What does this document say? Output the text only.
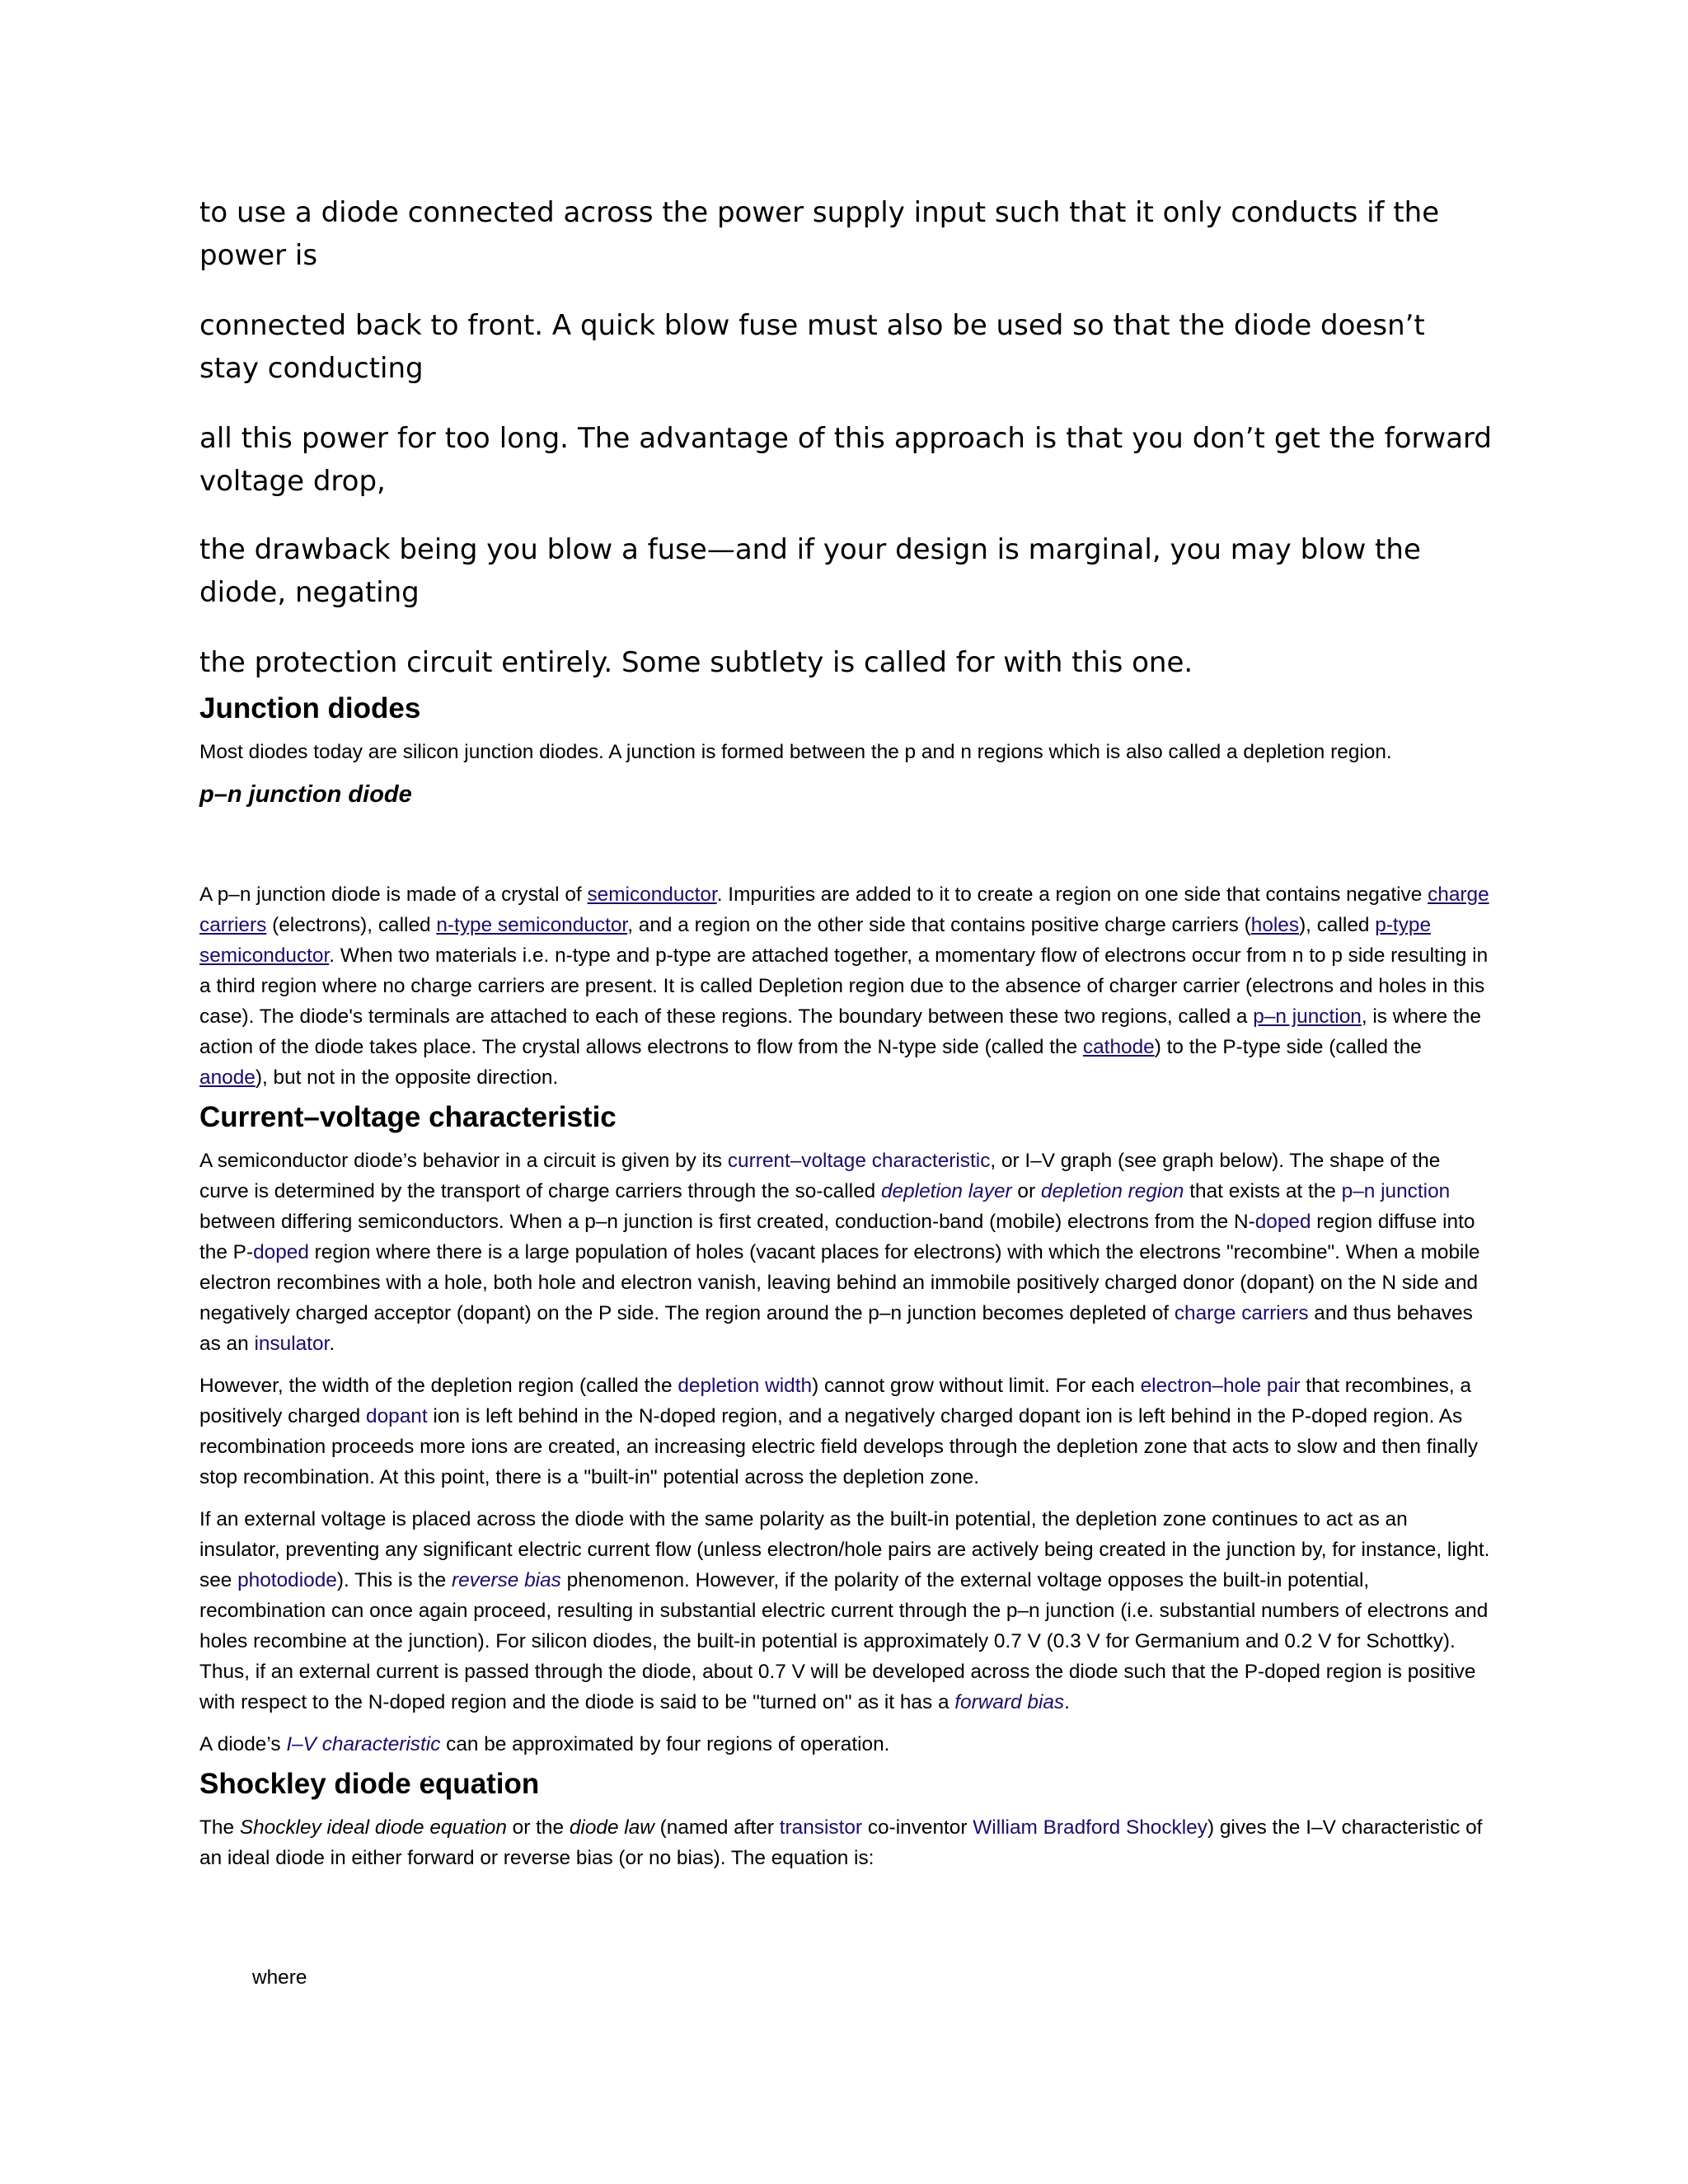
to use a diode connected across the power supply input such that it only conducts if the power is

connected back to front. A quick blow fuse must also be used so that the diode doesn’t stay conducting

all this power for too long. The advantage of this approach is that you don’t get the forward voltage drop,

the drawback being you blow a fuse—and if your design is marginal, you may blow the diode, negating

the protection circuit entirely. Some subtlety is called for with this one.

Junction diodes

Most diodes today are silicon junction diodes. A junction is formed between the p and n regions which is also called a depletion region.

p–n junction diode

A p–n junction diode is made of a crystal of semiconductor. Impurities are added to it to create a region on one side that contains negative charge carriers (electrons), called n-type semiconductor, and a region on the other side that contains positive charge carriers (holes), called p-type semiconductor. When two materials i.e. n-type and p-type are attached together, a momentary flow of electrons occur from n to p side resulting in a third region where no charge carriers are present. It is called Depletion region due to the absence of charger carrier (electrons and holes in this case). The diode's terminals are attached to each of these regions. The boundary between these two regions, called a p–n junction, is where the action of the diode takes place. The crystal allows electrons to flow from the N-type side (called the cathode) to the P-type side (called the anode), but not in the opposite direction.

Current–voltage characteristic

A semiconductor diode’s behavior in a circuit is given by its current–voltage characteristic, or I–V graph (see graph below). The shape of the curve is determined by the transport of charge carriers through the so-called depletion layer or depletion region that exists at the p–n junction between differing semiconductors. When a p–n junction is first created, conduction-band (mobile) electrons from the N-doped region diffuse into the P-doped region where there is a large population of holes (vacant places for electrons) with which the electrons "recombine". When a mobile electron recombines with a hole, both hole and electron vanish, leaving behind an immobile positively charged donor (dopant) on the N side and negatively charged acceptor (dopant) on the P side. The region around the p–n junction becomes depleted of charge carriers and thus behaves as an insulator.

However, the width of the depletion region (called the depletion width) cannot grow without limit. For each electron–hole pair that recombines, a positively charged dopant ion is left behind in the N-doped region, and a negatively charged dopant ion is left behind in the P-doped region. As recombination proceeds more ions are created, an increasing electric field develops through the depletion zone that acts to slow and then finally stop recombination. At this point, there is a "built-in" potential across the depletion zone.

If an external voltage is placed across the diode with the same polarity as the built-in potential, the depletion zone continues to act as an insulator, preventing any significant electric current flow (unless electron/hole pairs are actively being created in the junction by, for instance, light. see photodiode). This is the reverse bias phenomenon. However, if the polarity of the external voltage opposes the built-in potential, recombination can once again proceed, resulting in substantial electric current through the p–n junction (i.e. substantial numbers of electrons and holes recombine at the junction). For silicon diodes, the built-in potential is approximately 0.7 V (0.3 V for Germanium and 0.2 V for Schottky). Thus, if an external current is passed through the diode, about 0.7 V will be developed across the diode such that the P-doped region is positive with respect to the N-doped region and the diode is said to be "turned on" as it has a forward bias.

A diode’s I–V characteristic can be approximated by four regions of operation.

Shockley diode equation

The Shockley ideal diode equation or the diode law (named after transistor co-inventor William Bradford Shockley) gives the I–V characteristic of an ideal diode in either forward or reverse bias (or no bias). The equation is:

where
